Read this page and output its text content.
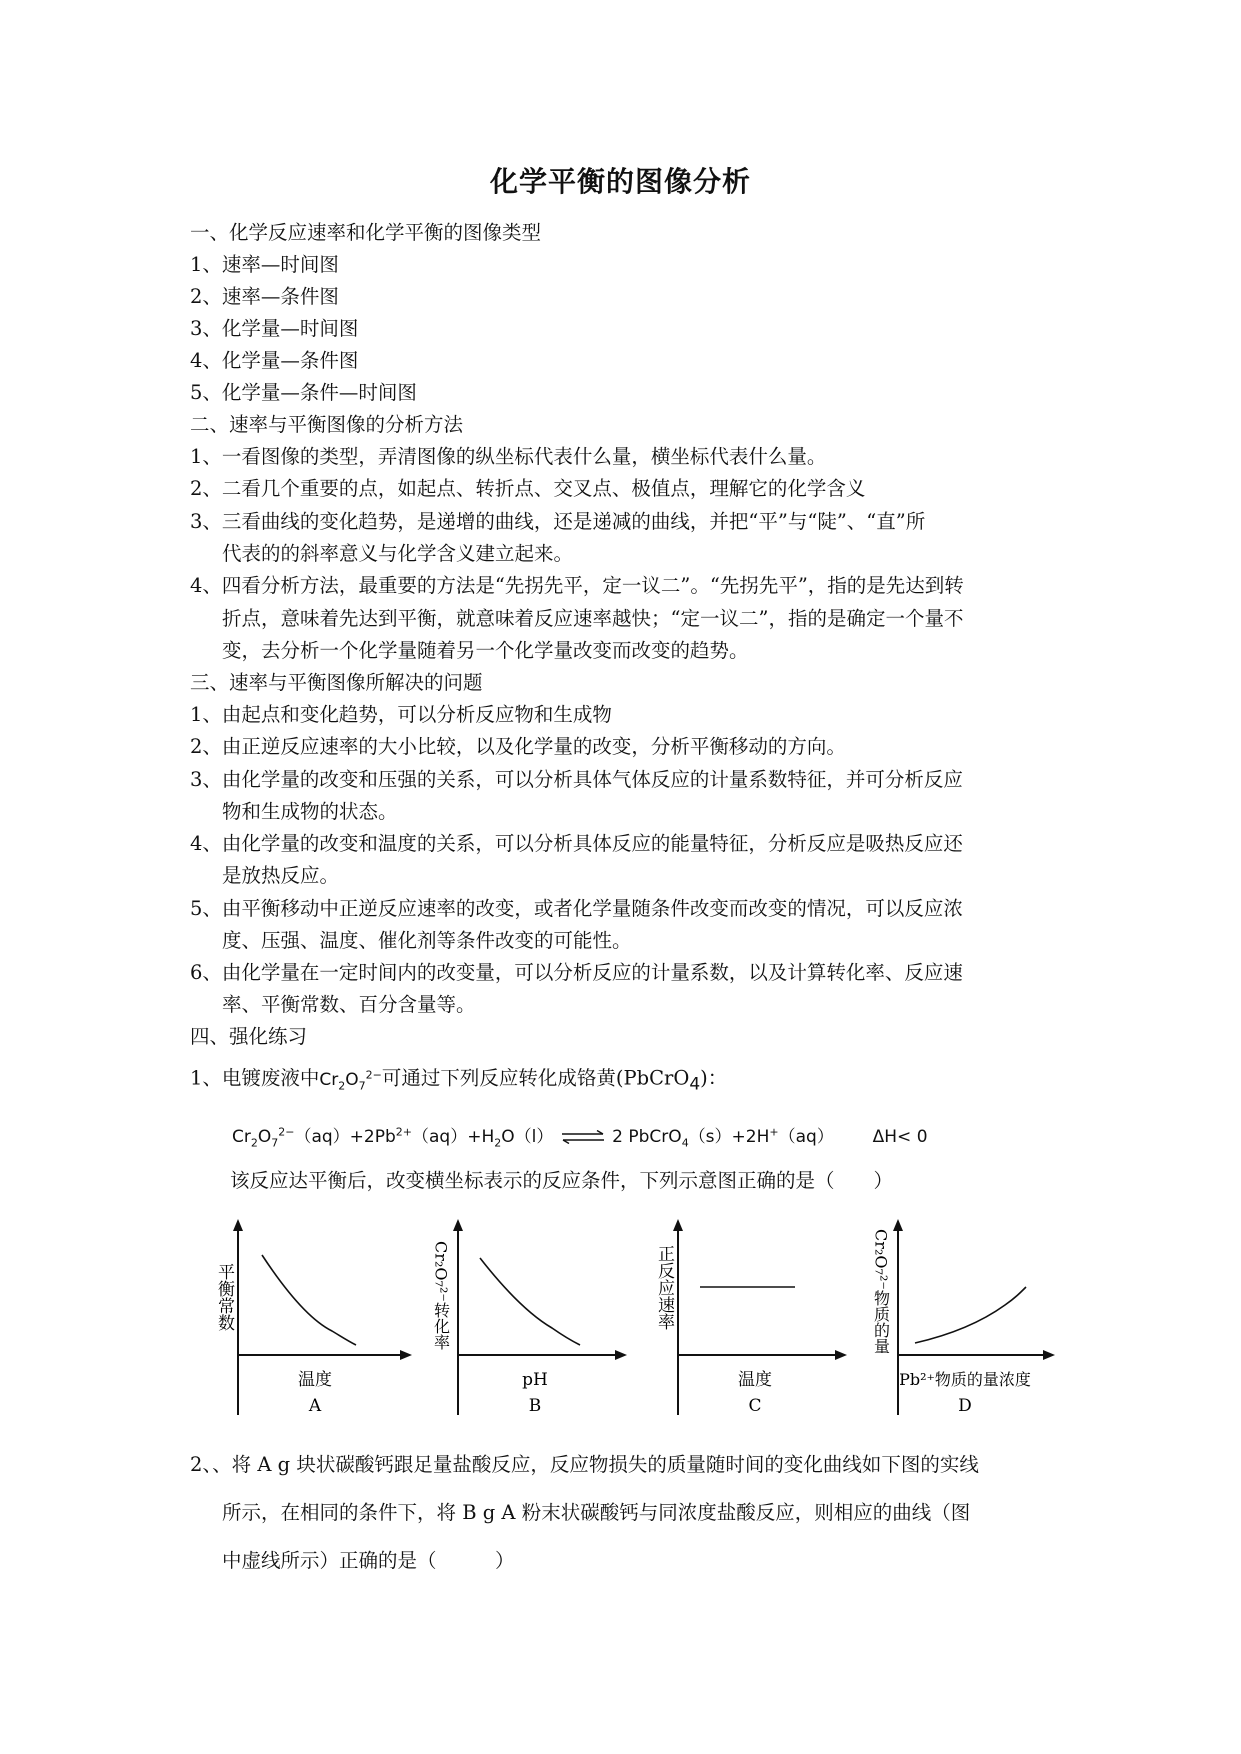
化学平衡的图像分析
一、化学反应速率和化学平衡的图像类型
1、速率—时间图
2、速率—条件图
3、化学量—时间图
4、化学量—条件图
5、化学量—条件—时间图
二、速率与平衡图像的分析方法
1、一看图像的类型，弄清图像的纵坐标代表什么量，横坐标代表什么量。
2、二看几个重要的点，如起点、转折点、交叉点、极值点，理解它的化学含义
3、三看曲线的变化趋势，是递增的曲线，还是递减的曲线，并把“平”与“陡”、“直”所
代表的的斜率意义与化学含义建立起来。
4、四看分析方法，最重要的方法是“先拐先平，定一议二”。“先拐先平”，指的是先达到转
折点，意味着先达到平衡，就意味着反应速率越快；“定一议二”，指的是确定一个量不
变，去分析一个化学量随着另一个化学量改变而改变的趋势。
三、速率与平衡图像所解决的问题
1、由起点和变化趋势，可以分析反应物和生成物
2、由正逆反应速率的大小比较，以及化学量的改变，分析平衡移动的方向。
3、由化学量的改变和压强的关系，可以分析具体气体反应的计量系数特征，并可分析反应
物和生成物的状态。
4、由化学量的改变和温度的关系，可以分析具体反应的能量特征，分析反应是吸热反应还
是放热反应。
5、由平衡移动中正逆反应速率的改变，或者化学量随条件改变而改变的情况，可以反应浓
度、压强、温度、催化剂等条件改变的可能性。
6、由化学量在一定时间内的改变量，可以分析反应的计量系数，以及计算转化率、反应速
率、平衡常数、百分含量等。
四、强化练习
1、电镀废液中$Cr_2O_7^{2-}$可通过下列反应转化成铬黄(PbCrO$_4$)：
$Cr_2O_7^{2-}(aq)+2Pb^{2+}(aq)+H_2O(l)$ ⇌ 2 PbCrO$_4$（s）+2H+（aq） ΔH< 0
该反应达平衡后，改变横坐标表示的反应条件，下列示意图正确的是（　　）
平衡常数
温度
A
Cr ₂O₇²⁻转化率
pH
B
正反应速率
温度
C
Cr ₂O₇²⁻物质的量
Pb²⁺物质的量浓度
D
2、、将 A g 块状碳酸钙跟足量盐酸反应，反应物损失的质量随时间的变化曲线如下图的实线
所示，在相同的条件下，将 B g A 粉末状碳酸钙与同浓度盐酸反应，则相应的曲线（图
中虚线所示）正确的是（　　　）
